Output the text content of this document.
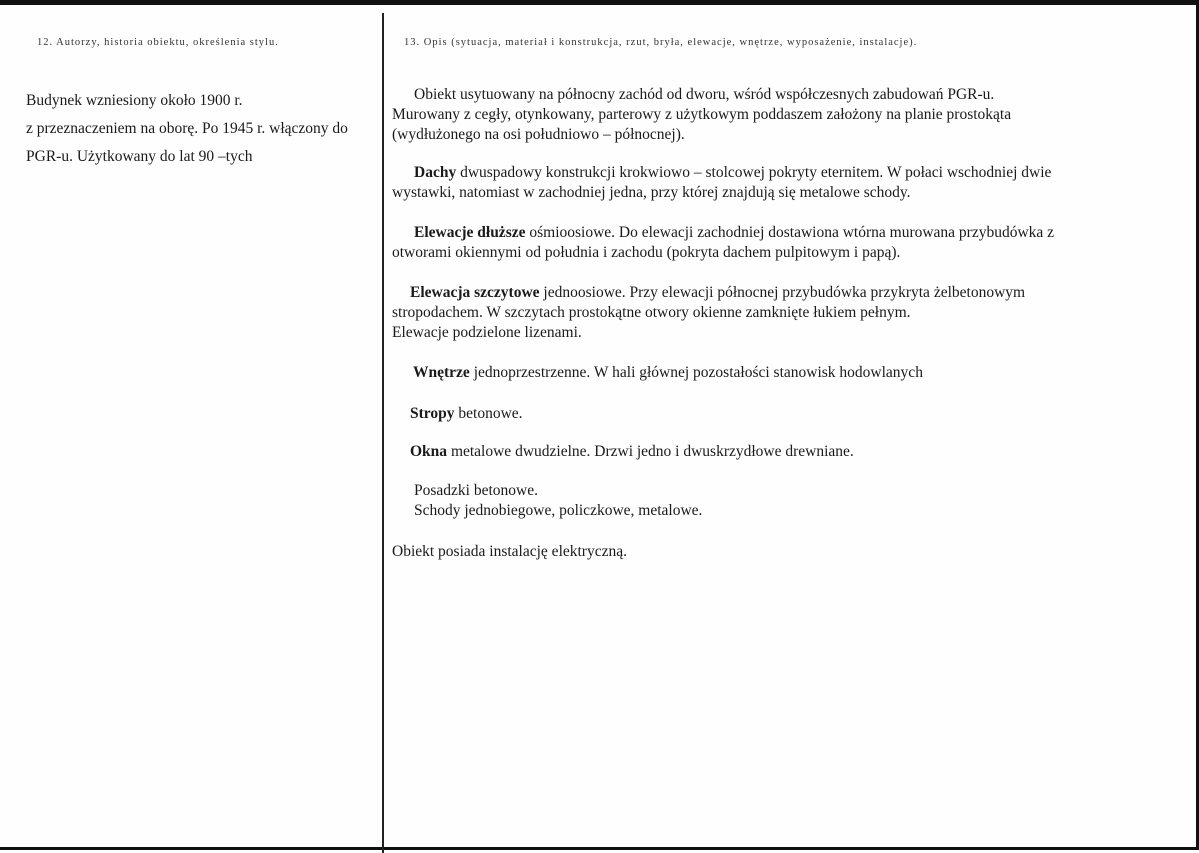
12. Autorzy, historia obiektu, określenia stylu.	13. Opis (sytuacja, materiał i konstrukcja, rzut, bryła, elewacje, wnętrze, wyposażenie, instalacje).

Budynek wzniesiony około 1900 r.

z przeznaczeniem na oborę. Po 1945 r. włączony do

PGR-u. Użytkowany do lat 90 –tych

Obiekt usytuowany na północny zachód od dworu, wśród współczesnych zabudowań PGR-u.

Murowany z cegły, otynkowany, parterowy z użytkowym poddaszem założony na planie prostokąta

(wydłużonego na osi południowo – północnej).

Dachy dwuspadowy konstrukcji krokwiowo – stolcowej pokryty eternitem. W połaci wschodniej dwie

wystawki, natomiast w zachodniej jedna, przy której znajdują się metalowe schody.

Elewacje dłuższe ośmioosiowe. Do elewacji zachodniej dostawiona wtórna murowana przybudówka z

otworami okiennymi od południa i zachodu (pokryta dachem pulpitowym i papą).

Elewacja szczytowe jednoosiowe. Przy elewacji północnej przybudówka przykryta żelbetonowym

stropodachem. W szczytach prostokątne otwory okienne zamknięte łukiem pełnym.

Elewacje podzielone lizenami.

Wnętrze jednoprzestrzenne. W hali głównej pozostałości stanowisk hodowlanych

Stropy betonowe.

Okna metalowe dwudzielne. Drzwi jedno i dwuskrzydłowe drewniane.

Posadzki betonowe.

Schody jednobiegowe, policzkowe, metalowe.

Obiekt posiada instalację elektryczną.
